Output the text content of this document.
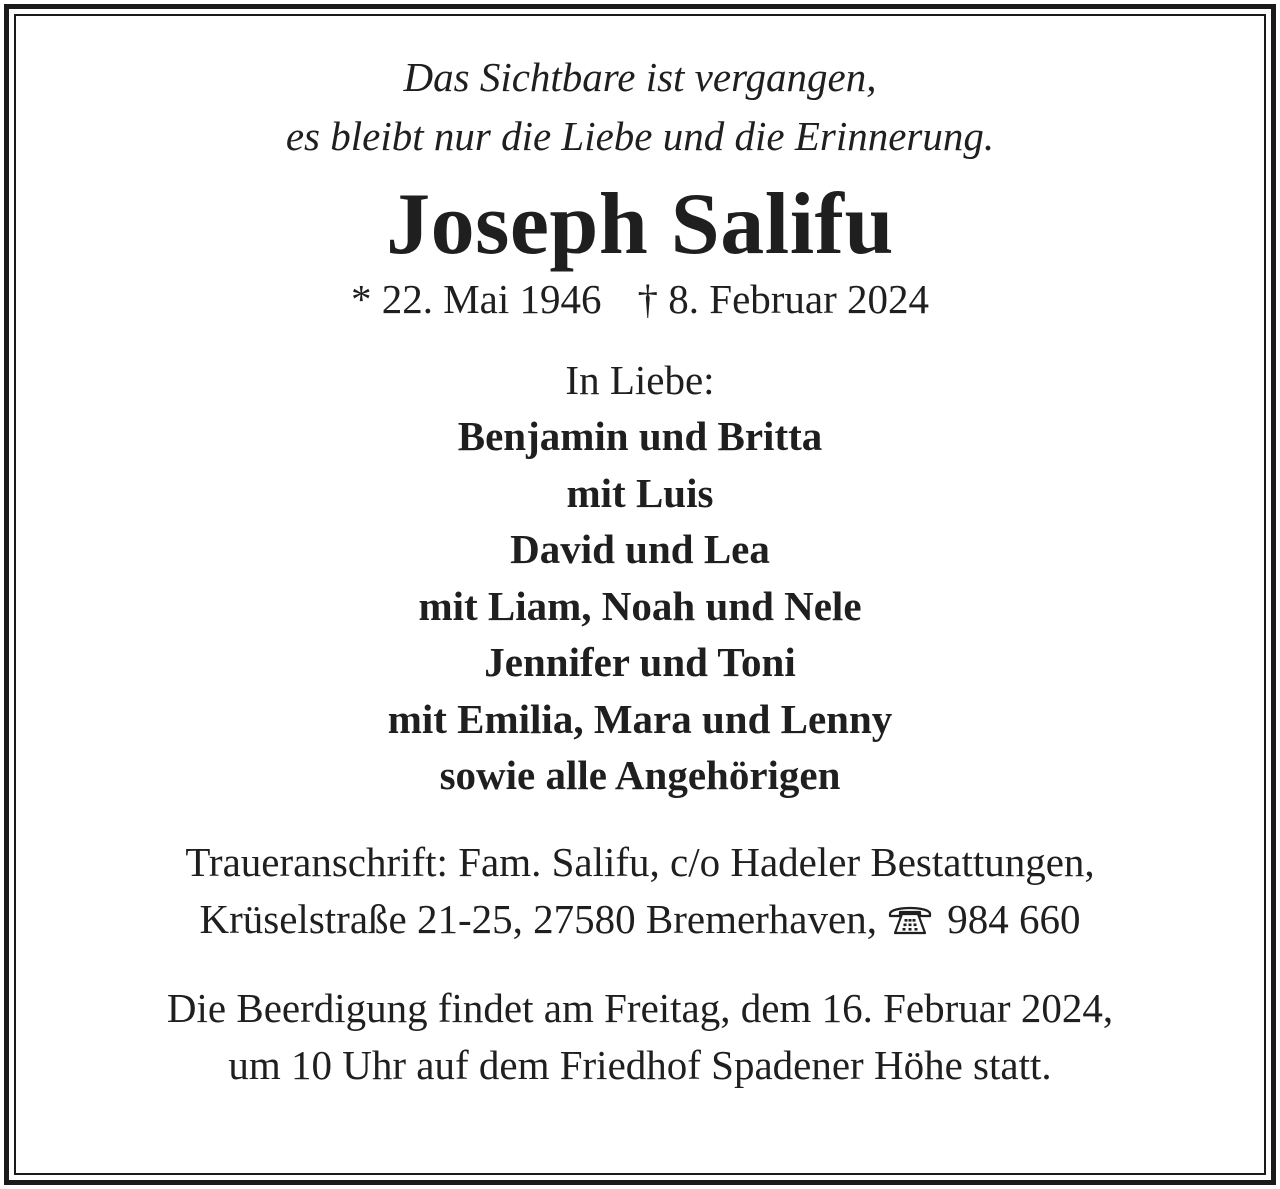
Das Sichtbare ist vergangen,
es bleibt nur die Liebe und die Erinnerung.
Joseph Salifu
* 22. Mai 1946 † 8. Februar 2024
In Liebe:
Benjamin und Britta
mit Luis
David und Lea
mit Liam, Noah und Nele
Jennifer und Toni
mit Emilia, Mara und Lenny
sowie alle Angehörigen
Traueranschrift: Fam. Salifu, c/o Hadeler Bestattungen,
Krüselstraße 21-25, 27580 Bremerhaven, 984 660
Die Beerdigung findet am Freitag, dem 16. Februar 2024,
um 10 Uhr auf dem Friedhof Spadener Höhe statt.
